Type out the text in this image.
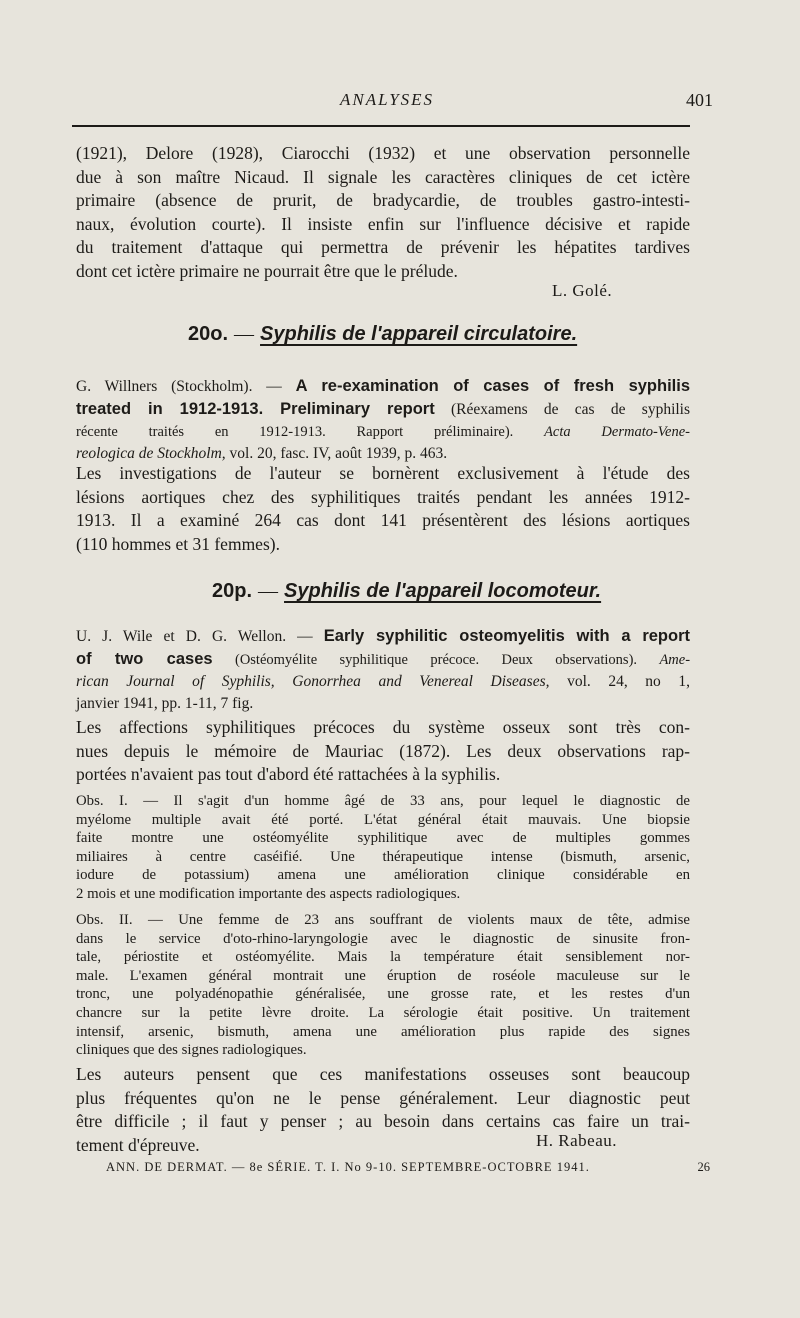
ANALYSES	401
(1921), Delore (1928), Ciarocchi (1932) et une observation personnelle
due à son maître Nicaud. Il signale les caractères cliniques de cet ictère
primaire (absence de prurit, de bradycardie, de troubles gastro-intesti-
naux, évolution courte). Il insiste enfin sur l'influence décisive et rapide
du traitement d'attaque qui permettra de prévenir les hépatites tardives
dont cet ictère primaire ne pourrait être que le prélude.
L. Golé.
20o. — Syphilis de l'appareil circulatoire.
G. Willners (Stockholm). — A re-examination of cases of fresh syphilis
treated in 1912-1913. Preliminary report (Réexamens de cas de syphilis
récente traités en 1912-1913. Rapport préliminaire). Acta Dermato-Vene-
reologica de Stockholm, vol. 20, fasc. IV, août 1939, p. 463.
Les investigations de l'auteur se bornèrent exclusivement à l'étude des
lésions aortiques chez des syphilitiques traités pendant les années 1912-
1913. Il a examiné 264 cas dont 141 présentèrent des lésions aortiques
(110 hommes et 31 femmes).
20p. — Syphilis de l'appareil locomoteur.
U. J. Wile et D. G. Wellon. — Early syphilitic osteomyelitis with a report
of two cases (Ostéomyélite syphilitique précoce. Deux observations). Ame-
rican Journal of Syphilis, Gonorrhea and Venereal Diseases, vol. 24, no 1,
janvier 1941, pp. 1-11, 7 fig.
Les affections syphilitiques précoces du système osseux sont très con-
nues depuis le mémoire de Mauriac (1872). Les deux observations rap-
portées n'avaient pas tout d'abord été rattachées à la syphilis.
Obs. I. — Il s'agit d'un homme âgé de 33 ans, pour lequel le diagnostic de
myélome multiple avait été porté. L'état général était mauvais. Une biopsie
faite montre une ostéomyélite syphilitique avec de multiples gommes
miliaires à centre caséifié. Une thérapeutique intense (bismuth, arsenic,
iodure de potassium) amena une amélioration clinique considérable en
2 mois et une modification importante des aspects radiologiques.
Obs. II. — Une femme de 23 ans souffrant de violents maux de tête, admise
dans le service d'oto-rhino-laryngologie avec le diagnostic de sinusite fron-
tale, périostite et ostéomyélite. Mais la température était sensiblement nor-
male. L'examen général montrait une éruption de roséole maculeuse sur le
tronc, une polyadénopathie généralisée, une grosse rate, et les restes d'un
chancre sur la petite lèvre droite. La sérologie était positive. Un traitement
intensif, arsenic, bismuth, amena une amélioration plus rapide des signes
cliniques que des signes radiologiques.
Les auteurs pensent que ces manifestations osseuses sont beaucoup
plus fréquentes qu'on ne le pense généralement. Leur diagnostic peut
être difficile ; il faut y penser ; au besoin dans certains cas faire un trai-
tement d'épreuve.	H. Rabeau.
ANN. DE DERMAT. — 8e SÉRIE. T. I. No 9-10. SEPTEMBRE-OCTOBRE 1941.	26
